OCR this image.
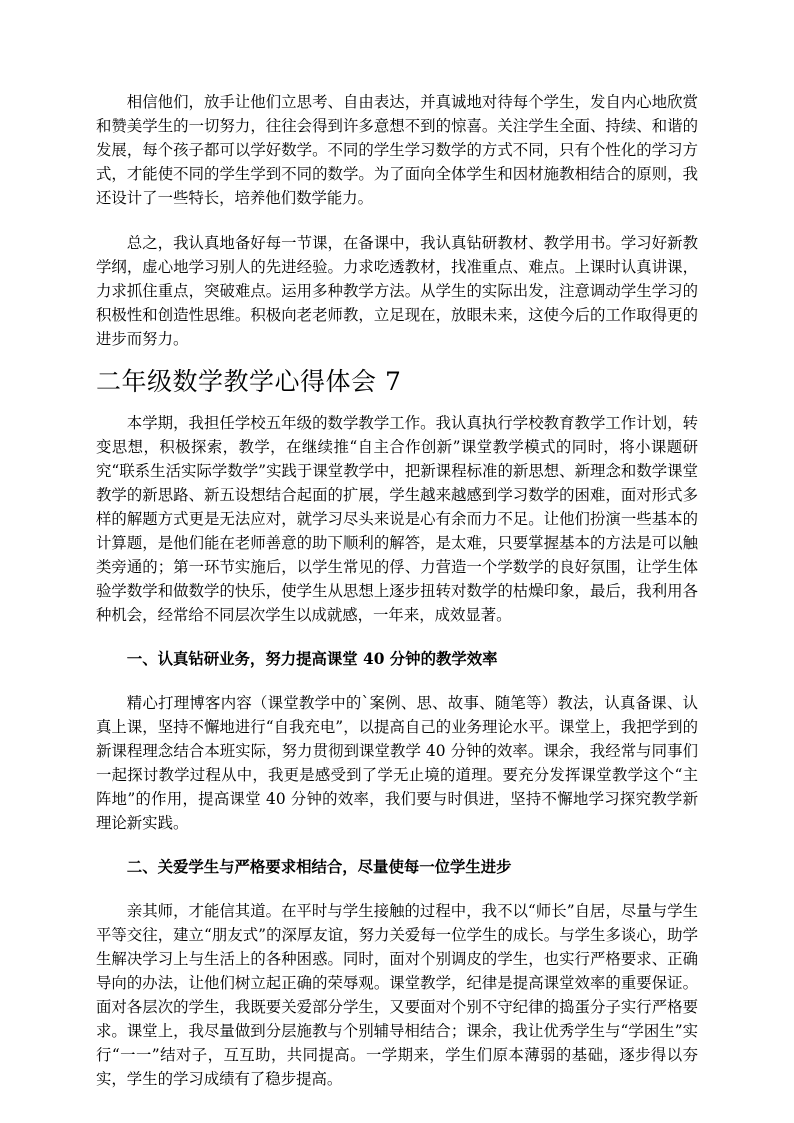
相信他们，放手让他们立思考、自由表达，并真诚地对待每个学生，发自内心地欣赏和赞美学生的一切努力，往往会得到许多意想不到的惊喜。关注学生全面、持续、和谐的发展，每个孩子都可以学好数学。不同的学生学习数学的方式不同，只有个性化的学习方式，才能使不同的学生学到不同的数学。为了面向全体学生和因材施教相结合的原则，我还设计了一些特长，培养他们数学能力。

总之，我认真地备好每一节课，在备课中，我认真钻研教材、教学用书。学习好新教学纲，虚心地学习别人的先进经验。力求吃透教材，找准重点、难点。上课时认真讲课，力求抓住重点，突破难点。运用多种教学方法。从学生的实际出发，注意调动学生学习的积极性和创造性思维。积极向老老师教，立足现在，放眼未来，这使今后的工作取得更的进步而努力。

二年级数学教学心得体会 7

本学期，我担任学校五年级的数学教学工作。我认真执行学校教育教学工作计划，转变思想，积极探索，教学，在继续推“自主合作创新”课堂教学模式的同时，将小课题研究“联系生活实际学数学”实践于课堂教学中，把新课程标准的新思想、新理念和数学课堂教学的新思路、新五设想结合起面的扩展，学生越来越感到学习数学的困难，面对形式多样的解题方式更是无法应对，就学习尽头来说是心有余而力不足。让他们扮演一些基本的计算题，是他们能在老师善意的助下顺利的解答，是太难，只要掌握基本的方法是可以触类旁通的；第一环节实施后，以学生常见的俘、力营造一个学数学的良好氛围，让学生体验学数学和做数学的快乐，使学生从思想上逐步扭转对数学的枯燥印象，最后，我利用各种机会，经常给不同层次学生以成就感，一年来，成效显著。

一、认真钻研业务，努力提高课堂 40 分钟的教学效率

精心打理博客内容（课堂教学中的`案例、思、故事、随笔等）教法，认真备课、认真上课，坚持不懈地进行“自我充电”，以提高自己的业务理论水平。课堂上，我把学到的新课程理念结合本班实际，努力贯彻到课堂教学 40 分钟的效率。课余，我经常与同事们一起探讨教学过程从中，我更是感受到了学无止境的道理。要充分发挥课堂教学这个“主阵地”的作用，提高课堂 40 分钟的效率，我们要与时俱进，坚持不懈地学习探究教学新理论新实践。

二、关爱学生与严格要求相结合，尽量使每一位学生进步

亲其师，才能信其道。在平时与学生接触的过程中，我不以“师长”自居，尽量与学生平等交往，建立“朋友式”的深厚友谊，努力关爱每一位学生的成长。与学生多谈心，助学生解决学习上与生活上的各种困惑。同时，面对个别调皮的学生，也实行严格要求、正确导向的办法，让他们树立起正确的荣辱观。课堂教学，纪律是提高课堂效率的重要保证。面对各层次的学生，我既要关爱部分学生，又要面对个别不守纪律的捣蛋分子实行严格要求。课堂上，我尽量做到分层施教与个别辅导相结合；课余，我让优秀学生与“学困生”实行“一一”结对子，互互助，共同提高。一学期来，学生们原本薄弱的基础，逐步得以夯实，学生的学习成绩有了稳步提高。
